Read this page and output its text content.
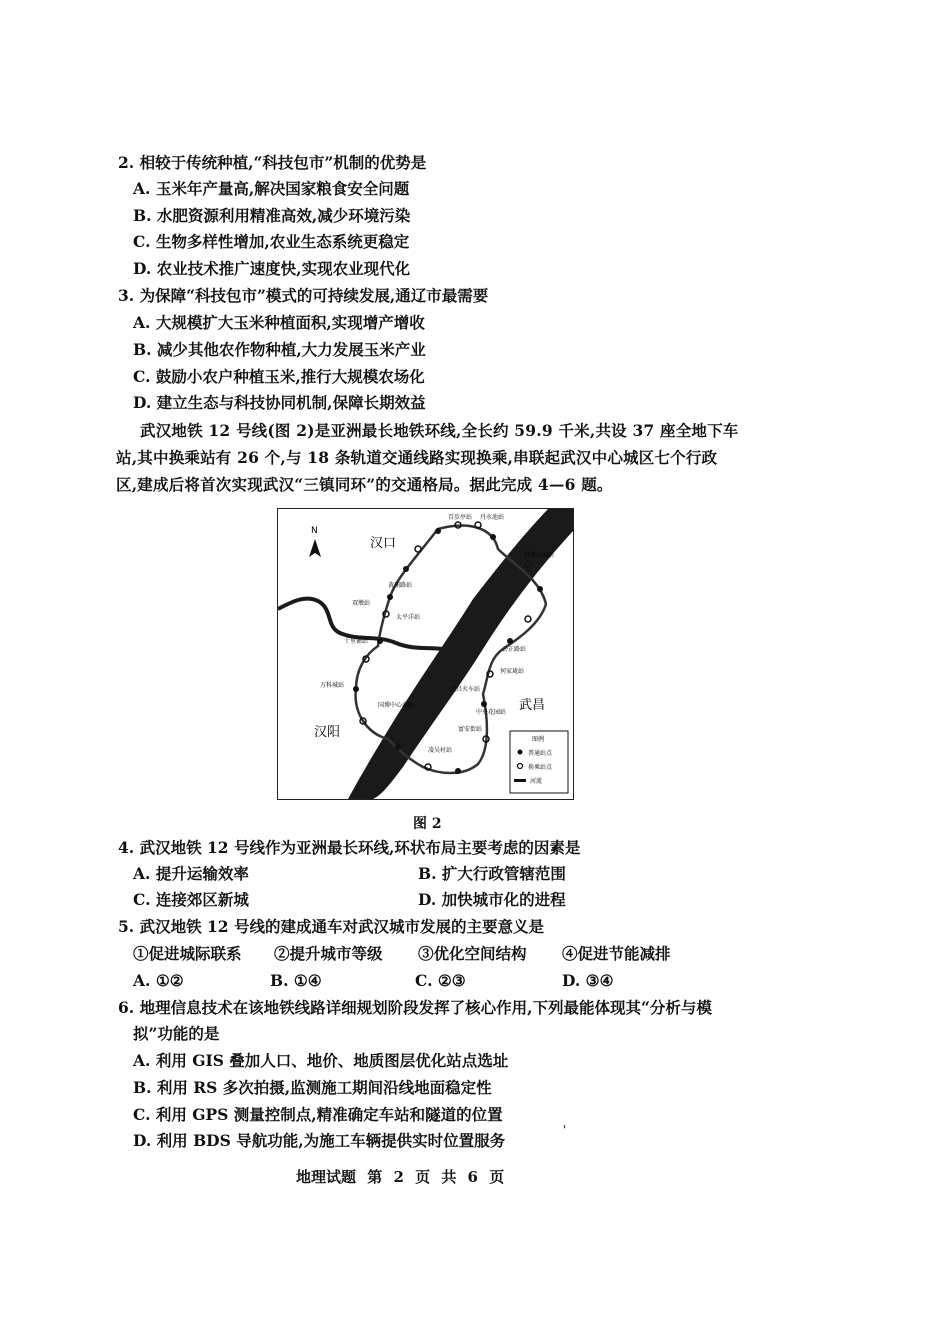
2. 相较于传统种植,“科技包市”机制的优势是
A. 玉米年产量高,解决国家粮食安全问题
B. 水肥资源利用精准高效,减少环境污染
C. 生物多样性增加,农业生态系统更稳定
D. 农业技术推广速度快,实现农业现代化
3. 为保障“科技包市”模式的可持续发展,通辽市最需要
A. 大规模扩大玉米种植面积,实现增产增收
B. 减少其他农作物种植,大力发展玉米产业
C. 鼓励小农户种植玉米,推行大规模农场化
D. 建立生态与科技协同机制,保障长期效益
武汉地铁 12 号线(图 2)是亚洲最长地铁环线,全长约 59.9 千米,共设 37 座全地下车
站,其中换乘站有 26 个,与 18 条轨道交通线路实现换乘,串联起武汉中心城区七个行政
区,建成后将首次实现武汉“三镇同环”的交通格局。据此完成 4—6 题。
N
汉口
汉阳
武昌
百步亭站 丹水池站
科普公园站
黄浦路站
双墩站
太平洋站
十里铺站
公正路站
何家垅站
武昌火车站
万科城站
国博中心南站
中央花园站
富安街站
凌吴村站
图例
普通站点
换乘站点
河流
图 2
4. 武汉地铁 12 号线作为亚洲最长环线,环状布局主要考虑的因素是
A. 提升运输效率	B. 扩大行政管辖范围
C. 连接郊区新城	D. 加快城市化的进程
5. 武汉地铁 12 号线的建成通车对武汉城市发展的主要意义是
①促进城际联系 ②提升城市等级 ③优化空间结构 ④促进节能减排
A. ①②	B. ①④	C. ②③	D. ③④
6. 地理信息技术在该地铁线路详细规划阶段发挥了核心作用,下列最能体现其“分析与模
拟”功能的是
A. 利用 GIS 叠加人口、地价、地质图层优化站点选址
B. 利用 RS 多次拍摄,监测施工期间沿线地面稳定性
C. 利用 GPS 测量控制点,精准确定车站和隧道的位置
D. 利用 BDS 导航功能,为施工车辆提供实时位置服务
'
地理试题 第 2 页 共 6 页
